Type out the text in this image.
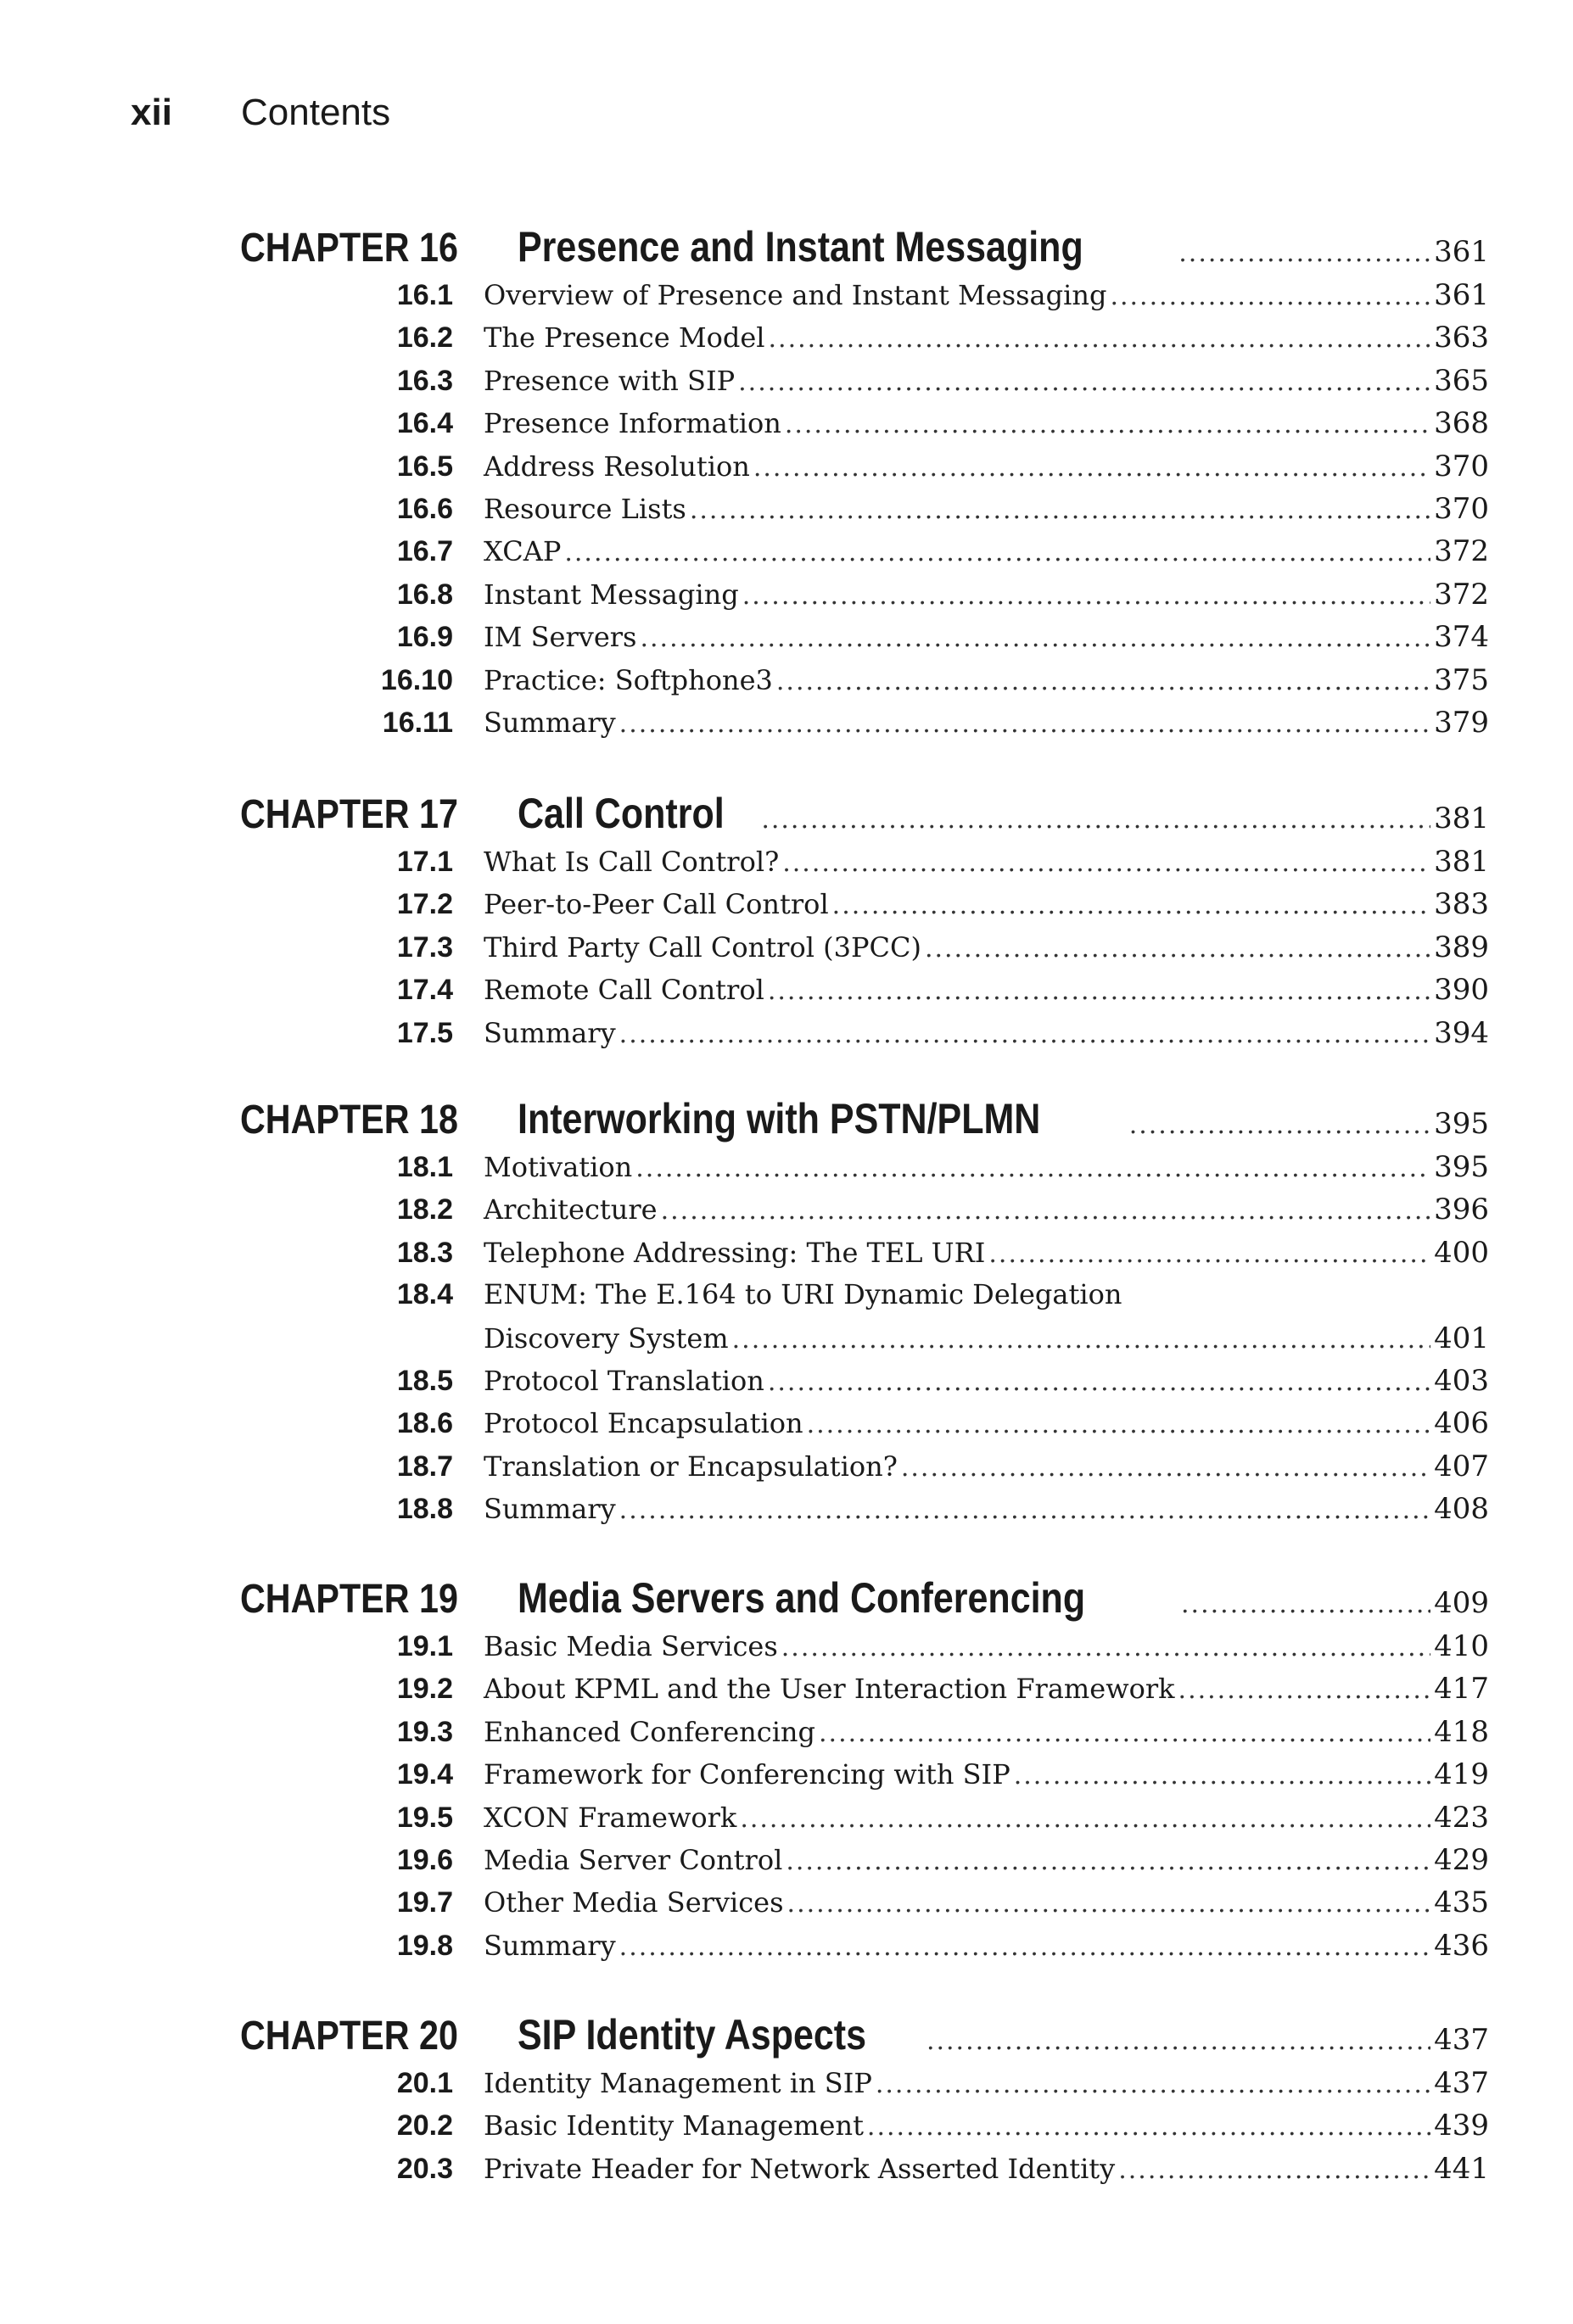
xii	Contents
CHAPTER 16	Presence and Instant Messaging .....	361
16.1	Overview of Presence and Instant Messaging .....	361
16.2	The Presence Model .....	363
16.3	Presence with SIP .....	365
16.4	Presence Information .....	368
16.5	Address Resolution .....	370
16.6	Resource Lists .....	370
16.7	XCAP .....	372
16.8	Instant Messaging .....	372
16.9	IM Servers .....	374
16.10	Practice: Softphone3 .....	375
16.11	Summary .....	379
CHAPTER 17	Call Control .....	381
17.1	What Is Call Control? .....	381
17.2	Peer-to-Peer Call Control .....	383
17.3	Third Party Call Control (3PCC) .....	389
17.4	Remote Call Control .....	390
17.5	Summary .....	394
CHAPTER 18	Interworking with PSTN/PLMN .....	395
18.1	Motivation .....	395
18.2	Architecture .....	396
18.3	Telephone Addressing: The TEL URI .....	400
18.4	ENUM: The E.164 to URI Dynamic Delegation
Discovery System .....	401
18.5	Protocol Translation .....	403
18.6	Protocol Encapsulation .....	406
18.7	Translation or Encapsulation? .....	407
18.8	Summary .....	408
CHAPTER 19	Media Servers and Conferencing .....	409
19.1	Basic Media Services .....	410
19.2	About KPML and the User Interaction Framework .....	417
19.3	Enhanced Conferencing .....	418
19.4	Framework for Conferencing with SIP .....	419
19.5	XCON Framework .....	423
19.6	Media Server Control .....	429
19.7	Other Media Services .....	435
19.8	Summary .....	436
CHAPTER 20	SIP Identity Aspects .....	437
20.1	Identity Management in SIP .....	437
20.2	Basic Identity Management .....	439
20.3	Private Header for Network Asserted Identity .....	441
